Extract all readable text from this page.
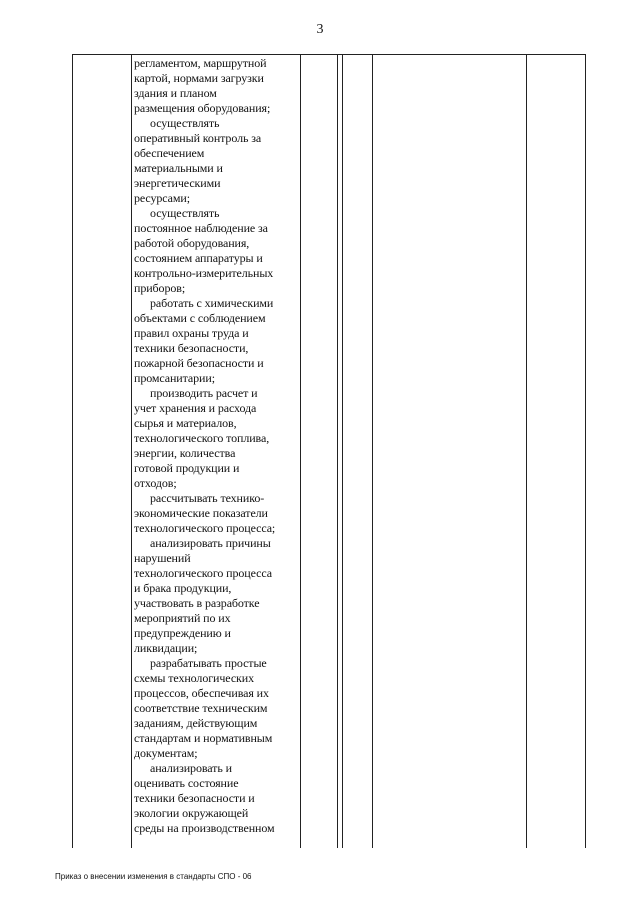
3
регламентом, маршрутной
картой, нормами загрузки
здания и планом
размещения оборудования;
осуществлять
оперативный контроль за
обеспечением
материальными и
энергетическими
ресурсами;
осуществлять
постоянное наблюдение за
работой оборудования,
состоянием аппаратуры и
контрольно-измерительных
приборов;
работать с химическими
объектами с соблюдением
правил охраны труда и
техники безопасности,
пожарной безопасности и
промсанитарии;
производить расчет и
учет хранения и расхода
сырья и материалов,
технологического топлива,
энергии, количества
готовой продукции и
отходов;
рассчитывать технико-
экономические показатели
технологического процесса;
анализировать причины
нарушений
технологического процесса
и брака продукции,
участвовать в разработке
мероприятий по их
предупреждению и
ликвидации;
разрабатывать простые
схемы технологических
процессов, обеспечивая их
соответствие техническим
заданиям, действующим
стандартам и нормативным
документам;
анализировать и
оценивать состояние
техники безопасности и
экологии окружающей
среды на производственном
Приказ о внесении изменения в стандарты СПО - 06
